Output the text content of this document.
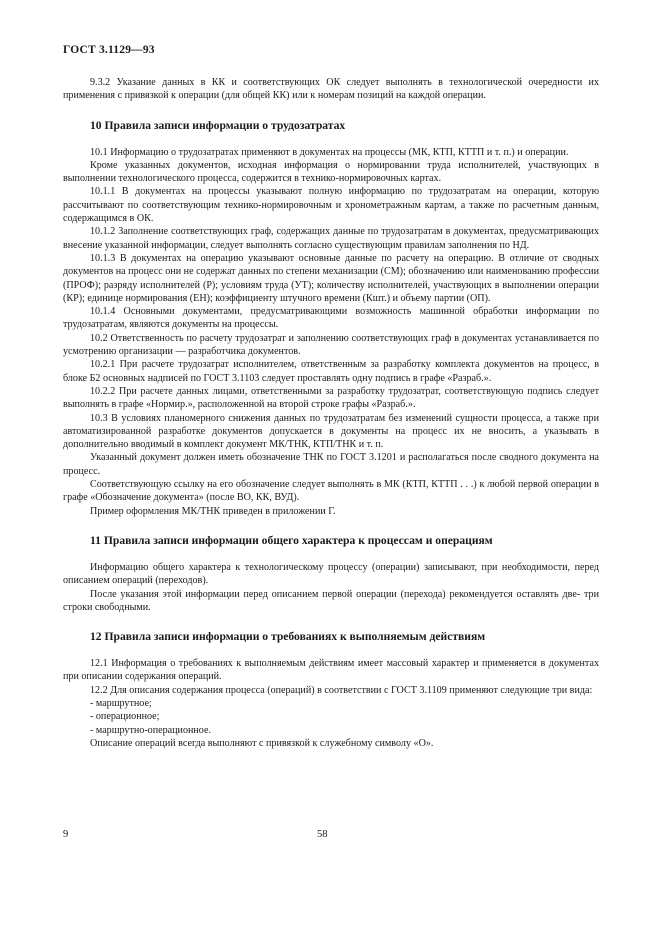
ГОСТ 3.1129—93

9.3.2 Указание данных в КК и соответствующих ОК следует выполнять в технологической очередности их применения с привязкой к операции (для общей КК) или к номерам позиций на каждой операции.

10 Правила записи информации о трудозатратах

10.1 Информацию о трудозатратах применяют в документах на процессы (МК, КТП, КТТП и т. п.) и операции.

Кроме указанных документов, исходная информация о нормировании труда исполнителей, участвующих в выполнении технологического процесса, содержится в технико-нормировочных картах.

10.1.1 В документах на процессы указывают полную информацию по трудозатратам на операции, которую рассчитывают по соответствующим технико-нормировочным и хронометражным картам, а также по расчетным данным, содержащимся в ОК.

10.1.2 Заполнение соответствующих граф, содержащих данные по трудозатратам в документах, предусматривающих внесение указанной информации, следует выполнять согласно существующим правилам заполнения по НД.

10.1.3 В документах на операцию указывают основные данные по расчету на операцию. В отличие от сводных документов на процесс они не содержат данных по степени механизации (СМ); обозначению или наименованию профессии (ПРОФ); разряду исполнителей (Р); условиям труда (УТ); количеству исполнителей, участвующих в выполнении операции (КР); единице нормирования (ЕН); коэффициенту штучного времени (Кшт.) и объему партии (ОП).

10.1.4 Основными документами, предусматривающими возможность машинной обработки информации по трудозатратам, являются документы на процессы.

10.2 Ответственность по расчету трудозатрат и заполнению соответствующих граф в документах устанавливается по усмотрению организации — разработчика документов.

10.2.1 При расчете трудозатрат исполнителем, ответственным за разработку комплекта документов на процесс, в блоке Б2 основных надписей по ГОСТ 3.1103 следует проставлять одну подпись в графе «Разраб.».

10.2.2 При расчете данных лицами, ответственными за разработку трудозатрат, соответствующую подпись следует выполнять в графе «Нормир.», расположенной на второй строке графы «Разраб.».

10.3 В условиях планомерного снижения данных по трудозатратам без изменений сущности процесса, а также при автоматизированной разработке документов допускается в документы на процесс их не вносить, а указывать в дополнительно вводимый в комплект документ МК/ТНК, КТП/ТНК и т. п.

Указанный документ должен иметь обозначение ТНК по ГОСТ 3.1201 и располагаться после сводного документа на процесс.

Соответствующую ссылку на его обозначение следует выполнять в МК (КТП, КТТП . . .) к любой первой операции в графе «Обозначение документа» (после ВО, КК, ВУД).

Пример оформления МК/ТНК приведен в приложении Г.

11 Правила записи информации общего характера к процессам и операциям

Информацию общего характера к технологическому процессу (операции) записывают, при необходимости, перед описанием операций (переходов).

После указания этой информации перед описанием первой операции (перехода) рекомендуется оставлять две- три строки свободными.

12 Правила записи информации о требованиях к выполняемым действиям

12.1 Информация о требованиях к выполняемым действиям имеет массовый характер и применяется в документах при описании содержания операций.

12.2 Для описания содержания процесса (операций) в соответствии с ГОСТ 3.1109 применяют следующие три вида:

- маршрутное;

- операционное;

- маршрутно-операционное.

Описание операций всегда выполняют с привязкой к служебному символу «О».

9	58
